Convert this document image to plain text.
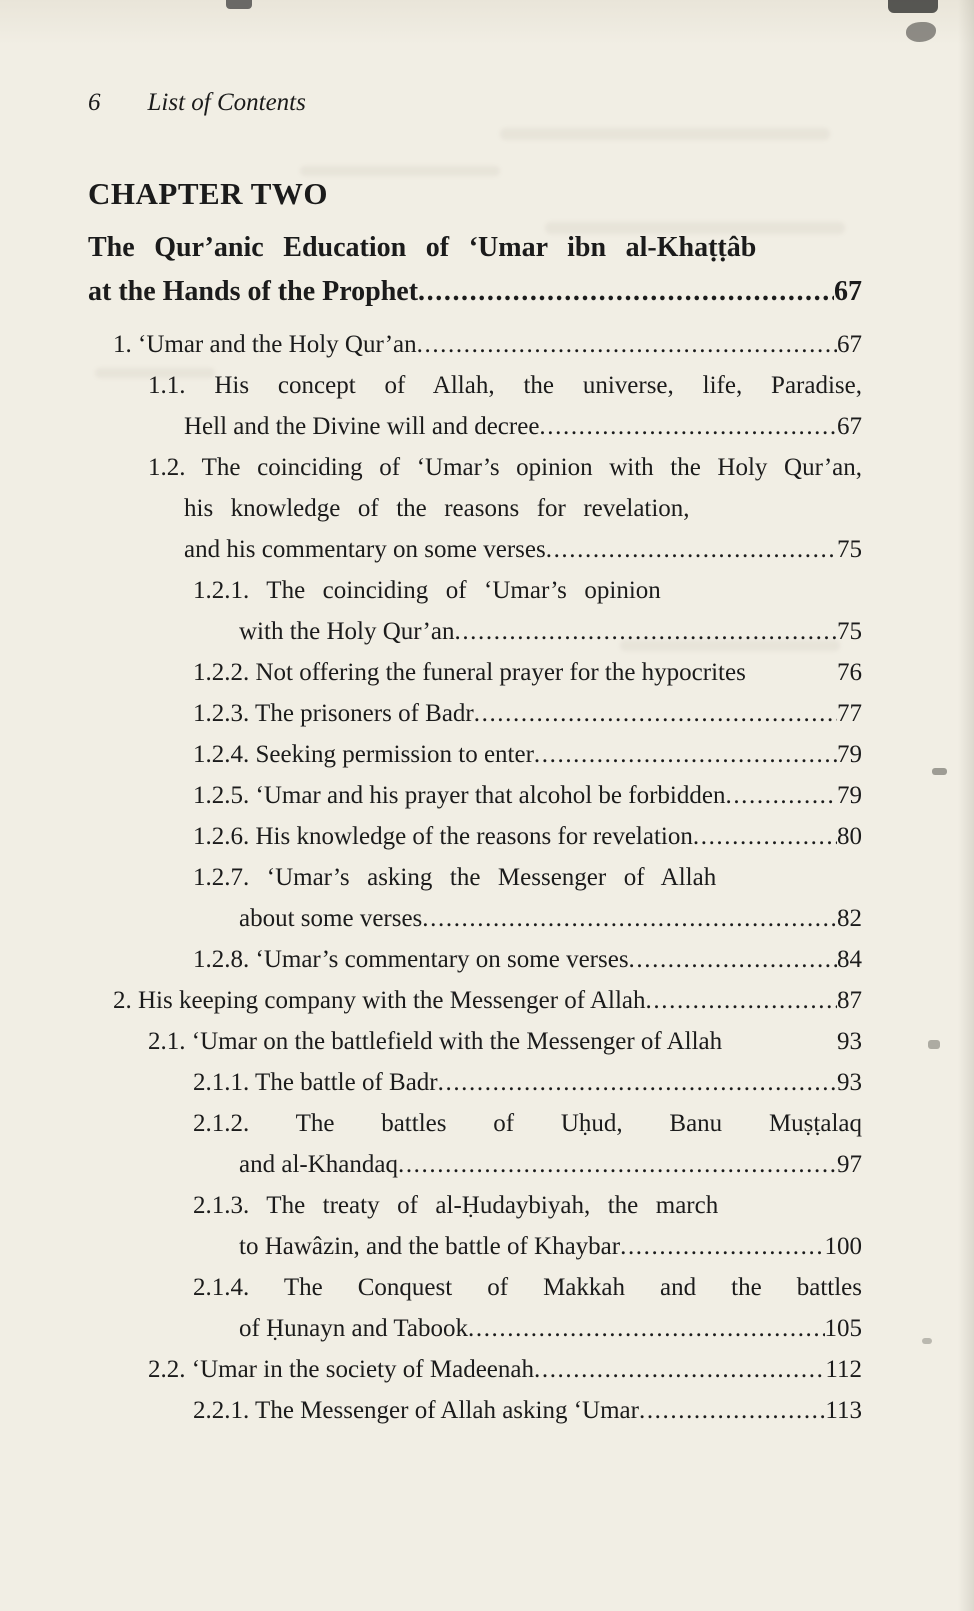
6 List of Contents
CHAPTER TWO
The Qur’anic Education of ‘Umar ibn al-Khaṭṭâb
at the Hands of the Prophet .....	67
1. ‘Umar and the Holy Qur’an .....	67
1.1. His concept of Allah, the universe, life, Paradise,
Hell and the Divine will and decree .....	67
1.2. The coinciding of ‘Umar’s opinion with the Holy Qur’an,
his knowledge of the reasons for revelation,
and his commentary on some verses .....	75
1.2.1. The coinciding of ‘Umar’s opinion
with the Holy Qur’an .....	75
1.2.2. Not offering the funeral prayer for the hypocrites	76
1.2.3. The prisoners of Badr .....	77
1.2.4. Seeking permission to enter .....	79
1.2.5. ‘Umar and his prayer that alcohol be forbidden .....	79
1.2.6. His knowledge of the reasons for revelation .....	80
1.2.7. ‘Umar’s asking the Messenger of Allah
about some verses .....	82
1.2.8. ‘Umar’s commentary on some verses .....	84
2. His keeping company with the Messenger of Allah .....	87
2.1. ‘Umar on the battlefield with the Messenger of Allah	93
2.1.1. The battle of Badr .....	93
2.1.2. The battles of Uḥud, Banu Muṣṭalaq
and al-Khandaq .....	97
2.1.3. The treaty of al-Ḥudaybiyah, the march
to Hawâzin, and the battle of Khaybar .....	100
2.1.4. The Conquest of Makkah and the battles
of Ḥunayn and Tabook .....	105
2.2. ‘Umar in the society of Madeenah .....	112
2.2.1. The Messenger of Allah asking ‘Umar .....	113
